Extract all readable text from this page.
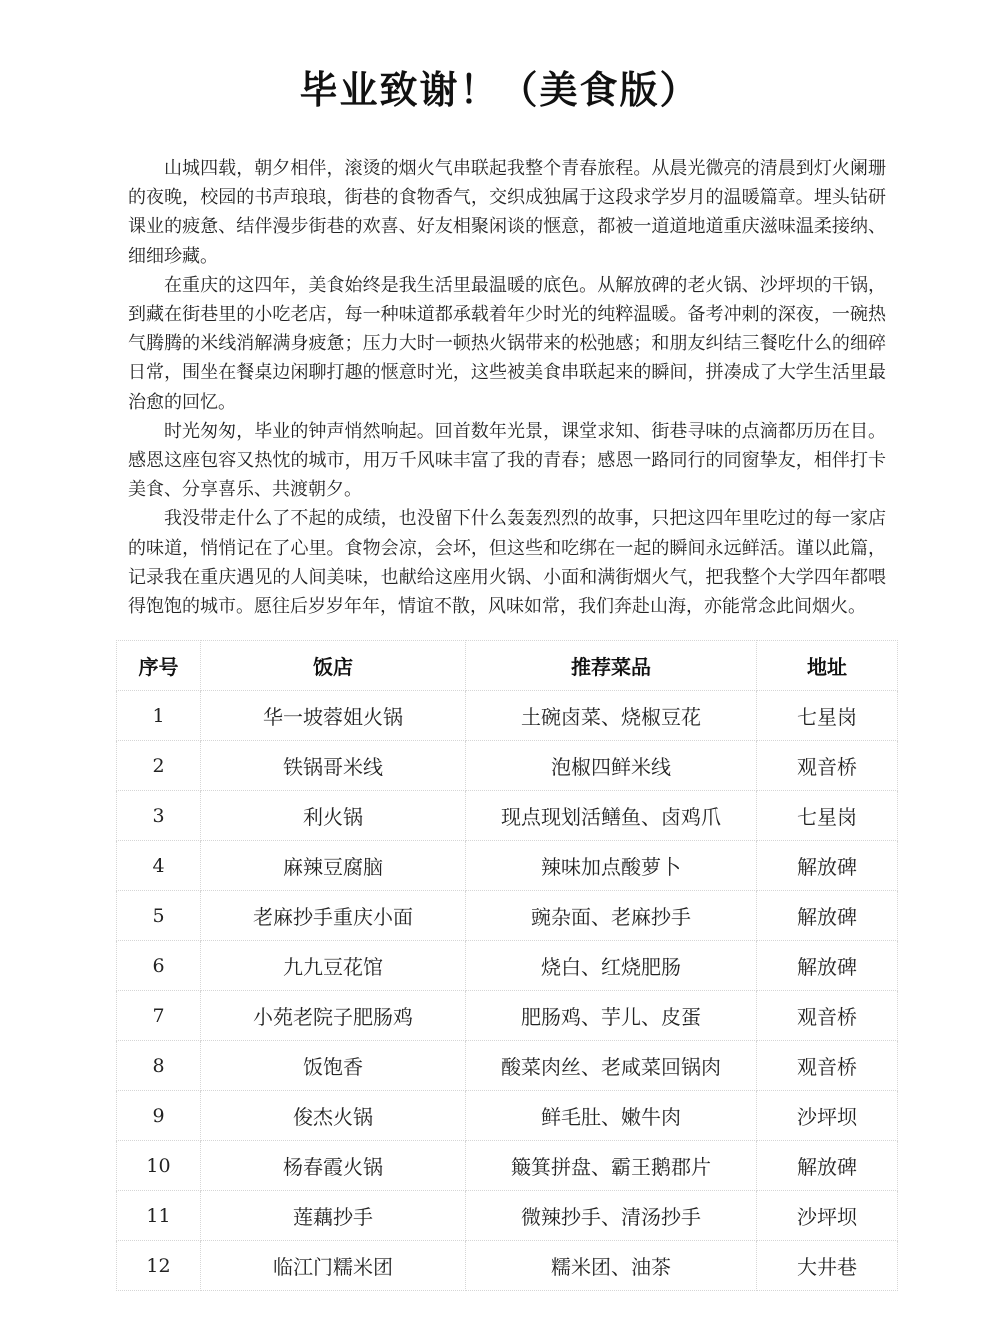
毕业致谢！（美食版）

山城四载，朝夕相伴，滚烫的烟火气串联起我整个青春旅程。从晨光微亮的清晨到灯火阑珊的夜晚，校园的书声琅琅，街巷的食物香气，交织成独属于这段求学岁月的温暖篇章。埋头钻研课业的疲惫、结伴漫步街巷的欢喜、好友相聚闲谈的惬意，都被一道道地道重庆滋味温柔接纳、细细珍藏。

在重庆的这四年，美食始终是我生活里最温暖的底色。从解放碑的老火锅、沙坪坝的干锅，到藏在街巷里的小吃老店，每一种味道都承载着年少时光的纯粹温暖。备考冲刺的深夜，一碗热气腾腾的米线消解满身疲惫；压力大时一顿热火锅带来的松弛感；和朋友纠结三餐吃什么的细碎日常，围坐在餐桌边闲聊打趣的惬意时光，这些被美食串联起来的瞬间，拼凑成了大学生活里最治愈的回忆。

时光匆匆，毕业的钟声悄然响起。回首数年光景，课堂求知、街巷寻味的点滴都历历在目。感恩这座包容又热忱的城市，用万千风味丰富了我的青春；感恩一路同行的同窗挚友，相伴打卡美食、分享喜乐、共渡朝夕。

我没带走什么了不起的成绩，也没留下什么轰轰烈烈的故事，只把这四年里吃过的每一家店的味道，悄悄记在了心里。食物会凉，会坏，但这些和吃绑在一起的瞬间永远鲜活。谨以此篇，记录我在重庆遇见的人间美味，也献给这座用火锅、小面和满街烟火气，把我整个大学四年都喂得饱饱的城市。愿往后岁岁年年，情谊不散，风味如常，我们奔赴山海，亦能常念此间烟火。

序号	饭店	推荐菜品	地址
1	华一坡蓉姐火锅	土碗卤菜、烧椒豆花	七星岗
2	铁锅哥米线	泡椒四鲜米线	观音桥
3	利火锅	现点现划活鳝鱼、卤鸡爪	七星岗
4	麻辣豆腐脑	辣味加点酸萝卜	解放碑
5	老麻抄手重庆小面	豌杂面、老麻抄手	解放碑
6	九九豆花馆	烧白、红烧肥肠	解放碑
7	小苑老院子肥肠鸡	肥肠鸡、芋儿、皮蛋	观音桥
8	饭饱香	酸菜肉丝、老咸菜回锅肉	观音桥
9	俊杰火锅	鲜毛肚、嫩牛肉	沙坪坝
10	杨春霞火锅	簸箕拼盘、霸王鹅郡片	解放碑
11	莲藕抄手	微辣抄手、清汤抄手	沙坪坝
12	临江门糯米团	糯米团、油茶	大井巷
